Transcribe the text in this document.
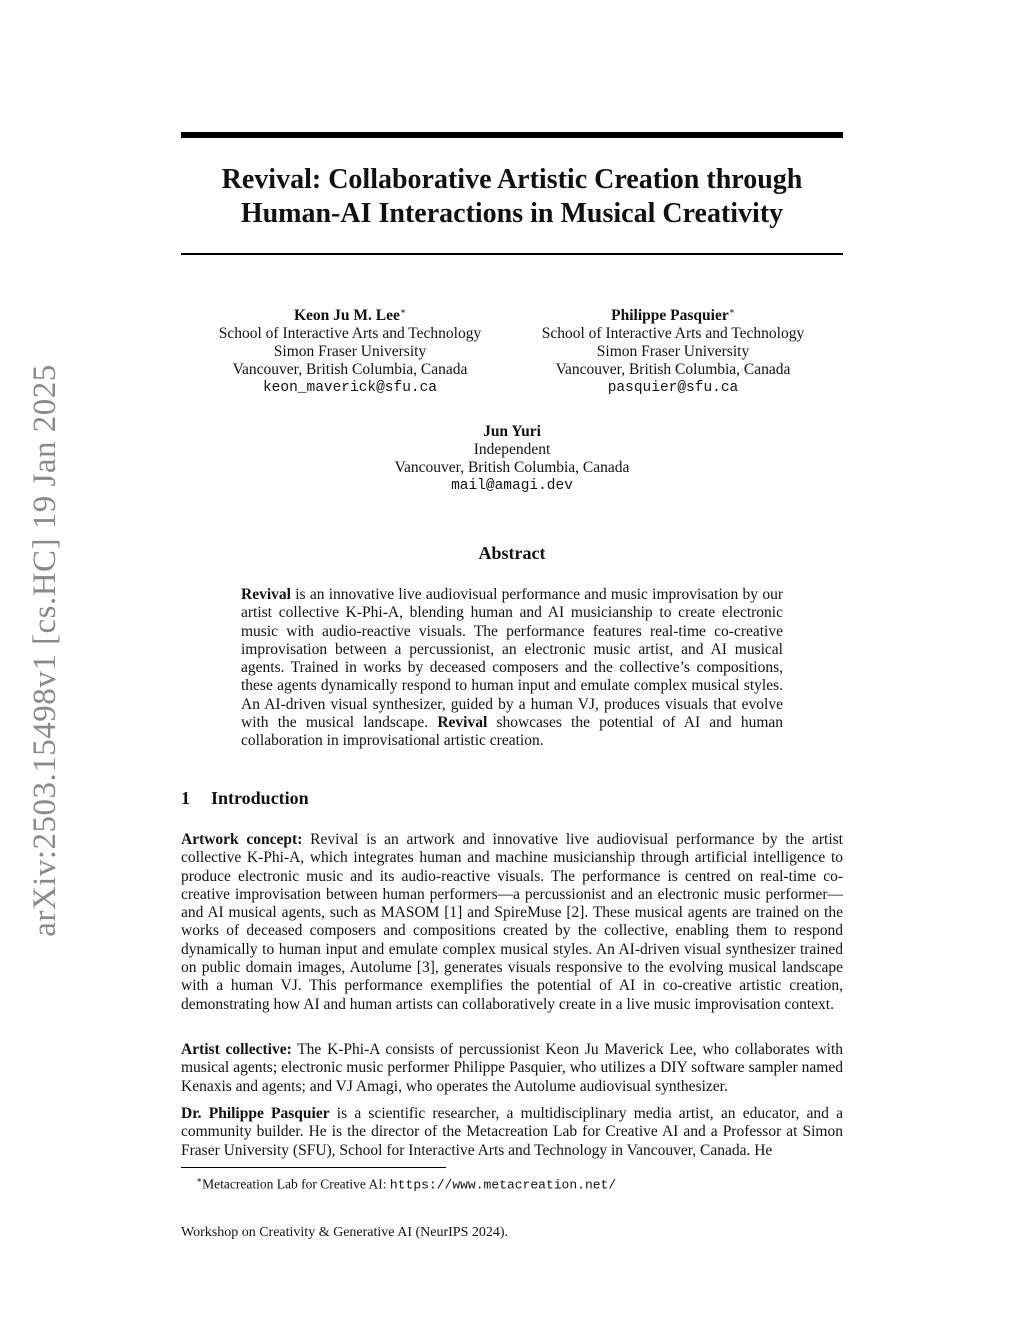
arXiv:2503.15498v1 [cs.HC] 19 Jan 2025
Revival: Collaborative Artistic Creation through
Human-AI Interactions in Musical Creativity
Keon Ju M. Lee∗
School of Interactive Arts and Technology
Simon Fraser University
Vancouver, British Columbia, Canada
keon_maverick@sfu.ca
Philippe Pasquier∗
School of Interactive Arts and Technology
Simon Fraser University
Vancouver, British Columbia, Canada
pasquier@sfu.ca
Jun Yuri
Independent
Vancouver, British Columbia, Canada
mail@amagi.dev
Abstract
Revival is an innovative live audiovisual performance and music improvisation by our artist collective K-Phi-A, blending human and AI musicianship to create electronic music with audio-reactive visuals. The performance features real-time co-creative improvisation between a percussionist, an electronic music artist, and AI musical agents. Trained in works by deceased composers and the collective’s compositions, these agents dynamically respond to human input and emulate complex musical styles. An AI-driven visual synthesizer, guided by a human VJ, produces visuals that evolve with the musical landscape. Revival showcases the potential of AI and human collaboration in improvisational artistic creation.
1 Introduction
Artwork concept: Revival is an artwork and innovative live audiovisual performance by the artist collective K-Phi-A, which integrates human and machine musicianship through artificial intelligence to produce electronic music and its audio-reactive visuals. The performance is centred on real-time co-creative improvisation between human performers—a percussionist and an electronic music performer—and AI musical agents, such as MASOM [1] and SpireMuse [2]. These musical agents are trained on the works of deceased composers and compositions created by the collective, enabling them to respond dynamically to human input and emulate complex musical styles. An AI-driven visual synthesizer trained on public domain images, Autolume [3], generates visuals responsive to the evolving musical landscape with a human VJ. This performance exemplifies the potential of AI in co-creative artistic creation, demonstrating how AI and human artists can collaboratively create in a live music improvisation context.
Artist collective: The K-Phi-A consists of percussionist Keon Ju Maverick Lee, who collaborates with musical agents; electronic music performer Philippe Pasquier, who utilizes a DIY software sampler named Kenaxis and agents; and VJ Amagi, who operates the Autolume audiovisual synthesizer.
Dr. Philippe Pasquier is a scientific researcher, a multidisciplinary media artist, an educator, and a community builder. He is the director of the Metacreation Lab for Creative AI and a Professor at Simon Fraser University (SFU), School for Interactive Arts and Technology in Vancouver, Canada. He
∗Metacreation Lab for Creative AI: https://www.metacreation.net/
Workshop on Creativity & Generative AI (NeurIPS 2024).
